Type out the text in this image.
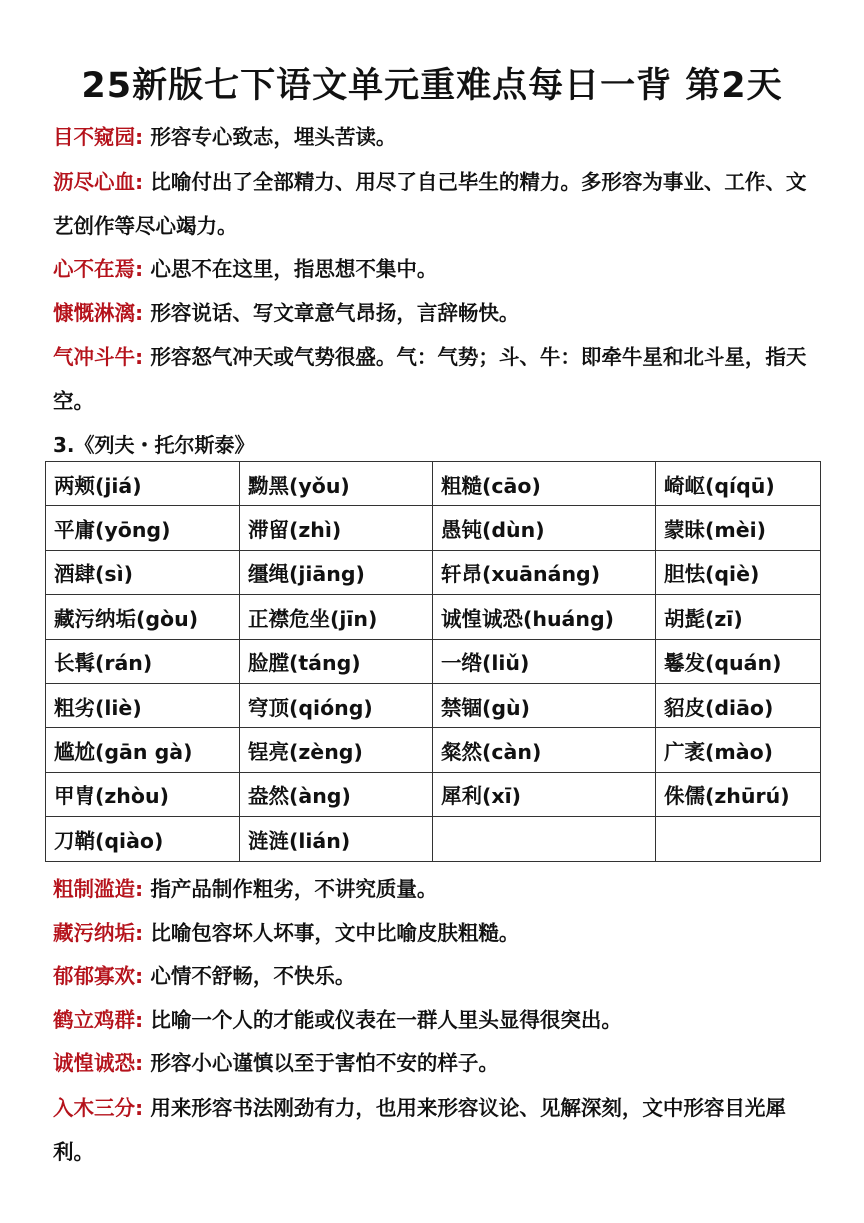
25新版七下语文单元重难点每日一背 第2天
目不窥园: 形容专心致志，埋头苦读。
沥尽心血: 比喻付出了全部精力、用尽了自己毕生的精力。多形容为事业、工作、文艺创作等尽心竭力。
心不在焉: 心思不在这里，指思想不集中。
慷慨淋漓: 形容说话、写文章意气昂扬，言辞畅快。
气冲斗牛: 形容怒气冲天或气势很盛。气：气势；斗、牛：即牵牛星和北斗星，指天空。
3.《列夫・托尔斯泰》
两颊(jiá)	黝黑(yǒu)	粗糙(cāo)	崎岖(qíqū)
平庸(yōng)	滞留(zhì)	愚钝(dùn)	蒙昧(mèi)
酒肆(sì)	缰绳(jiāng)	轩昂(xuānáng)	胆怯(qiè)
藏污纳垢(gòu)	正襟危坐(jīn)	诚惶诚恐(huáng)	胡髭(zī)
长髯(rán)	脸膛(táng)	一绺(liǔ)	鬈发(quán)
粗劣(liè)	穹顶(qióng)	禁锢(gù)	貂皮(diāo)
尴尬(gān gà)	锃亮(zèng)	粲然(càn)	广袤(mào)
甲胄(zhòu)	盎然(àng)	犀利(xī)	侏儒(zhūrú)
刀鞘(qiào)	涟涟(lián)		
粗制滥造: 指产品制作粗劣，不讲究质量。
藏污纳垢: 比喻包容坏人坏事，文中比喻皮肤粗糙。
郁郁寡欢: 心情不舒畅，不快乐。
鹤立鸡群: 比喻一个人的才能或仪表在一群人里头显得很突出。
诚惶诚恐: 形容小心谨慎以至于害怕不安的样子。
入木三分: 用来形容书法刚劲有力，也用来形容议论、见解深刻，文中形容目光犀利。
